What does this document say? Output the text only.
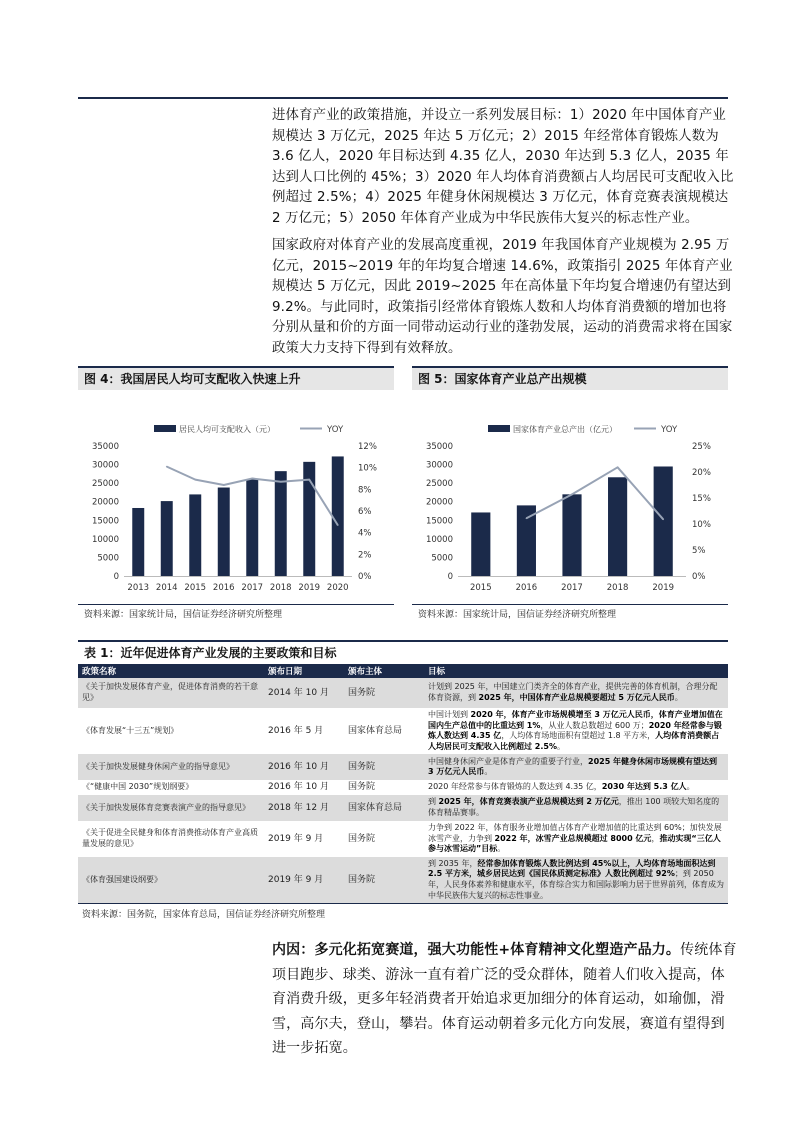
进体育产业的政策措施，并设立一系列发展目标：1）2020 年中国体育产业规模达 3 万亿元，2025 年达 5 万亿元；2）2015 年经常体育锻炼人数为 3.6 亿人，2020 年目标达到 4.35 亿人，2030 年达到 5.3 亿人，2035 年达到人口比例的 45%；3）2020 年人均体育消费额占人均居民可支配收入比例超过 2.5%；4）2025 年健身休闲规模达 3 万亿元，体育竞赛表演规模达 2 万亿元；5）2050 年体育产业成为中华民族伟大复兴的标志性产业。

国家政府对体育产业的发展高度重视，2019 年我国体育产业规模为 2.95 万亿元，2015~2019 年的年均复合增速 14.6%，政策指引 2025 年体育产业规模达 5 万亿元，因此 2019~2025 年在高体量下年均复合增速仍有望达到 9.2%。与此同时，政策指引经常体育锻炼人数和人均体育消费额的增加也将分别从量和价的方面一同带动运动行业的蓬勃发展，运动的消费需求将在国家政策大力支持下得到有效释放。

图 4：我国居民人均可支配收入快速上升
居民人均可支配收入（元）	YOY
0
5000
10000
15000
20000
25000
30000
35000
0%
2%
4%
6%
8%
10%
12%
2013 2014 2015 2016 2017 2018 2019 2020
资料来源：国家统计局，国信证券经济研究所整理
图 5：国家体育产业总产出规模
国家体育产业总产出（亿元）	YOY
0
5000
10000
15000
20000
25000
30000
35000
0%
5%
10%
15%
20%
25%
2015	2016	2017	2018	2019
资料来源：国家统计局，国信证券经济研究所整理
表 1：近年促进体育产业发展的主要政策和目标
政策名称	颁布日期	颁布主体	目标
《关于加快发展体育产业，促进体育消费的若干意见》	2014 年 10 月	国务院	计划到 2025 年，中国建立门类齐全的体育产业，提供完善的体育机制，合理分配体育资源，到 2025 年，中国体育产业总规模要超过 5 万亿元人民币。
《体育发展“十三五”规划》	2016 年 5 月	国家体育总局	中国计划到 2020 年，体育产业市场规模增至 3 万亿元人民币，体育产业增加值在国内生产总值中的比重达到 1%，从业人数总数超过 600 万；2020 年经常参与锻炼人数达到 4.35 亿，人均体育场地面积有望超过 1.8 平方米，人均体育消费额占人均居民可支配收入比例超过 2.5%。
《关于加快发展健身休闲产业的指导意见》	2016 年 10 月	国务院	中国健身休闲产业是体育产业的重要子行业，2025 年健身休闲市场规模有望达到 3 万亿元人民币。
《“健康中国 2030”规划纲要》	2016 年 10 月	国务院	2020 年经常参与体育锻炼的人数达到 4.35 亿，2030 年达到 5.3 亿人。
《关于加快发展体育竞赛表演产业的指导意见》	2018 年 12 月	国家体育总局	到 2025 年，体育竞赛表演产业总规模达到 2 万亿元，推出 100 项较大知名度的体育精品赛事。
《关于促进全民健身和体育消费推动体育产业高质量发展的意见》	2019 年 9 月	国务院	力争到 2022 年，体育服务业增加值占体育产业增加值的比重达到 60%；加快发展冰雪产业，力争到 2022 年，冰雪产业总规模超过 8000 亿元，推动实现“三亿人参与冰雪运动”目标。
《体育强国建设纲要》	2019 年 9 月	国务院	到 2035 年，经常参加体育锻炼人数比例达到 45%以上，人均体育场地面积达到 2.5 平方米，城乡居民达到《国民体质测定标准》人数比例超过 92%；到 2050 年，人民身体素养和健康水平，体育综合实力和国际影响力居于世界前列，体育成为中华民族伟大复兴的标志性事业。
资料来源：国务院，国家体育总局，国信证券经济研究所整理

内因：多元化拓宽赛道，强大功能性+体育精神文化塑造产品力。传统体育项目跑步、球类、游泳一直有着广泛的受众群体，随着人们收入提高，体育消费升级，更多年轻消费者开始追求更加细分的体育运动，如瑜伽，滑雪，高尔夫，登山，攀岩。体育运动朝着多元化方向发展，赛道有望得到进一步拓宽。
